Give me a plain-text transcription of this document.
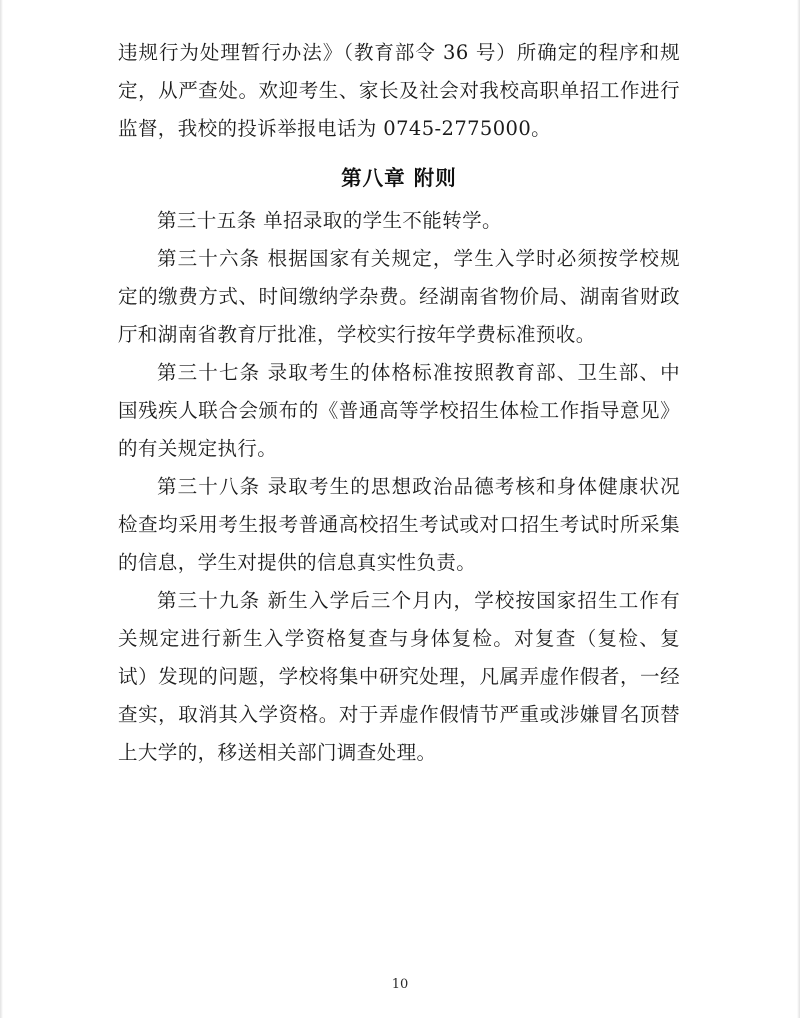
违规行为处理暂行办法》（教育部令 36 号）所确定的程序和规定，从严查处。欢迎考生、家长及社会对我校高职单招工作进行监督，我校的投诉举报电话为 0745-2775000。

第八章 附则

第三十五条 单招录取的学生不能转学。

第三十六条 根据国家有关规定，学生入学时必须按学校规定的缴费方式、时间缴纳学杂费。经湖南省物价局、湖南省财政厅和湖南省教育厅批准，学校实行按年学费标准预收。

第三十七条 录取考生的体格标准按照教育部、卫生部、中国残疾人联合会颁布的《普通高等学校招生体检工作指导意见》的有关规定执行。

第三十八条 录取考生的思想政治品德考核和身体健康状况检查均采用考生报考普通高校招生考试或对口招生考试时所采集的信息，学生对提供的信息真实性负责。

第三十九条 新生入学后三个月内，学校按国家招生工作有关规定进行新生入学资格复查与身体复检。对复查（复检、复试）发现的问题，学校将集中研究处理，凡属弄虚作假者，一经查实，取消其入学资格。对于弄虚作假情节严重或涉嫌冒名顶替上大学的，移送相关部门调查处理。

10
